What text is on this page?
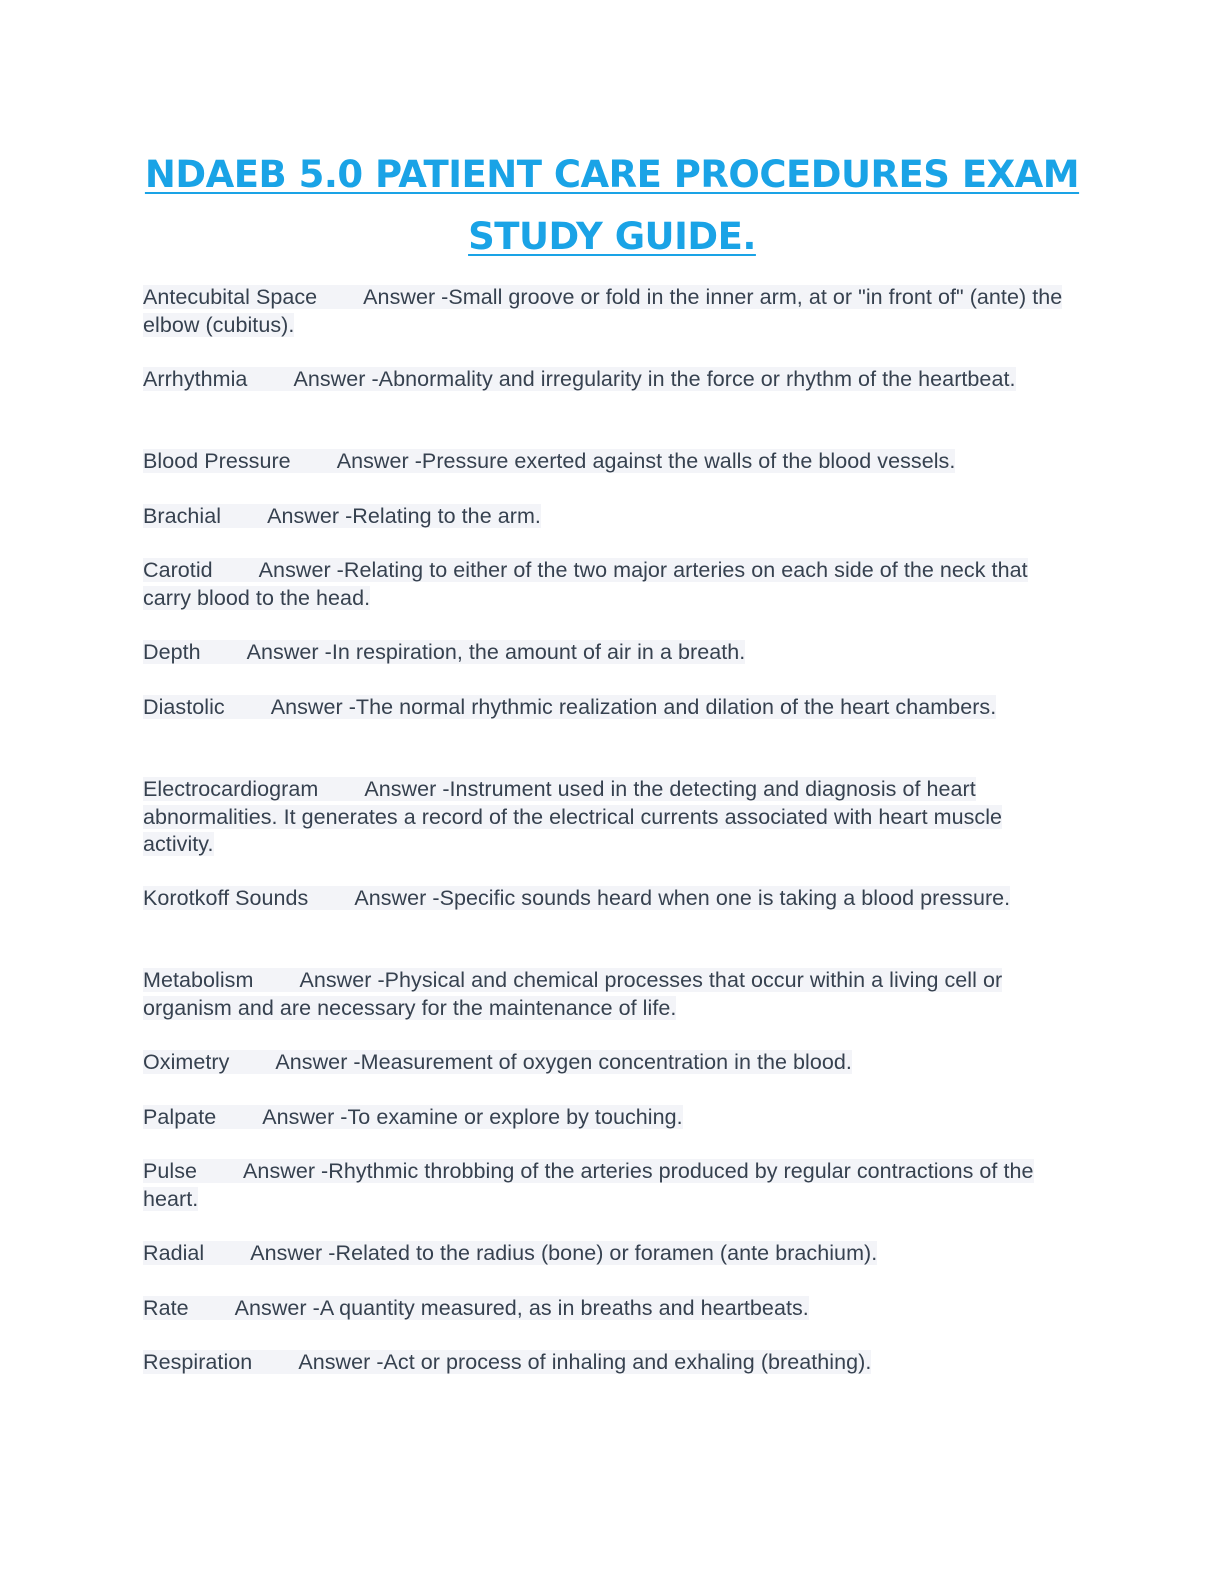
NDAEB 5.0 PATIENT CARE PROCEDURES EXAM
STUDY GUIDE.

Antecubital Space Answer -Small groove or fold in the inner arm, at or "in front of" (ante) the elbow (cubitus).

Arrhythmia Answer -Abnormality and irregularity in the force or rhythm of the heartbeat.

Blood Pressure Answer -Pressure exerted against the walls of the blood vessels.

Brachial Answer -Relating to the arm.

Carotid Answer -Relating to either of the two major arteries on each side of the neck that carry blood to the head.

Depth Answer -In respiration, the amount of air in a breath.

Diastolic Answer -The normal rhythmic realization and dilation of the heart chambers.

Electrocardiogram Answer -Instrument used in the detecting and diagnosis of heart abnormalities. It generates a record of the electrical currents associated with heart muscle activity.

Korotkoff Sounds Answer -Specific sounds heard when one is taking a blood pressure.

Metabolism Answer -Physical and chemical processes that occur within a living cell or organism and are necessary for the maintenance of life.

Oximetry Answer -Measurement of oxygen concentration in the blood.

Palpate Answer -To examine or explore by touching.

Pulse Answer -Rhythmic throbbing of the arteries produced by regular contractions of the heart.

Radial Answer -Related to the radius (bone) or foramen (ante brachium).

Rate Answer -A quantity measured, as in breaths and heartbeats.

Respiration Answer -Act or process of inhaling and exhaling (breathing).
